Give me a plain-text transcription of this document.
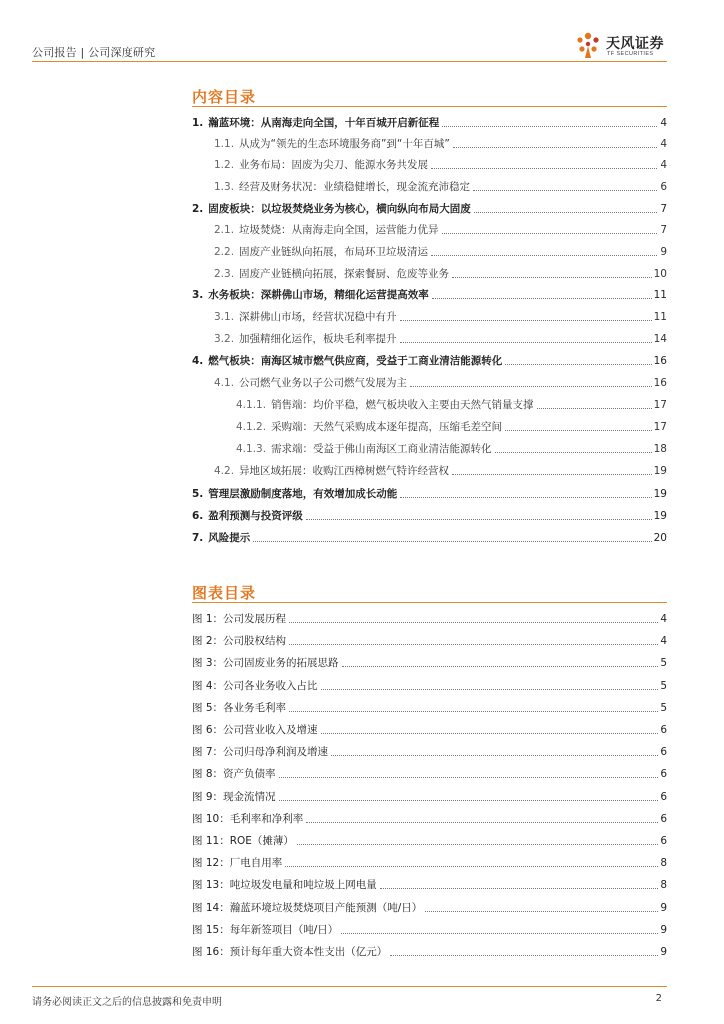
公司报告 | 公司深度研究
天风证券
TF SECURITIES
内容目录
1. 瀚蓝环境：从南海走向全国，十年百城开启新征程	4
1.1. 从成为“领先的生态环境服务商”到“十年百城”	4
1.2. 业务布局：固废为尖刀、能源水务共发展	4
1.3. 经营及财务状况：业绩稳健增长，现金流充沛稳定	6
2. 固废板块：以垃圾焚烧业务为核心，横向纵向布局大固废	7
2.1. 垃圾焚烧：从南海走向全国，运营能力优异	7
2.2. 固废产业链纵向拓展，布局环卫垃圾清运	9
2.3. 固废产业链横向拓展，探索餐厨、危废等业务	10
3. 水务板块：深耕佛山市场，精细化运营提高效率	11
3.1. 深耕佛山市场，经营状况稳中有升	11
3.2. 加强精细化运作，板块毛利率提升	14
4. 燃气板块：南海区城市燃气供应商，受益于工商业清洁能源转化	16
4.1. 公司燃气业务以子公司燃气发展为主	16
4.1.1. 销售端：均价平稳，燃气板块收入主要由天然气销量支撑	17
4.1.2. 采购端：天然气采购成本逐年提高，压缩毛差空间	17
4.1.3. 需求端：受益于佛山南海区工商业清洁能源转化	18
4.2. 异地区域拓展：收购江西樟树燃气特许经营权	19
5. 管理层激励制度落地，有效增加成长动能	19
6. 盈利预测与投资评级	19
7. 风险提示	20
图表目录
图 1：公司发展历程	4
图 2：公司股权结构	4
图 3：公司固废业务的拓展思路	5
图 4：公司各业务收入占比	5
图 5：各业务毛利率	5
图 6：公司营业收入及增速	6
图 7：公司归母净利润及增速	6
图 8：资产负债率	6
图 9：现金流情况	6
图 10：毛利率和净利率	6
图 11：ROE（摊薄）	6
图 12：厂电自用率	8
图 13：吨垃圾发电量和吨垃圾上网电量	8
图 14：瀚蓝环境垃圾焚烧项目产能预测（吨/日）	9
图 15：每年新签项目（吨/日）	9
图 16：预计每年重大资本性支出（亿元）	9
请务必阅读正文之后的信息披露和免责申明	2
